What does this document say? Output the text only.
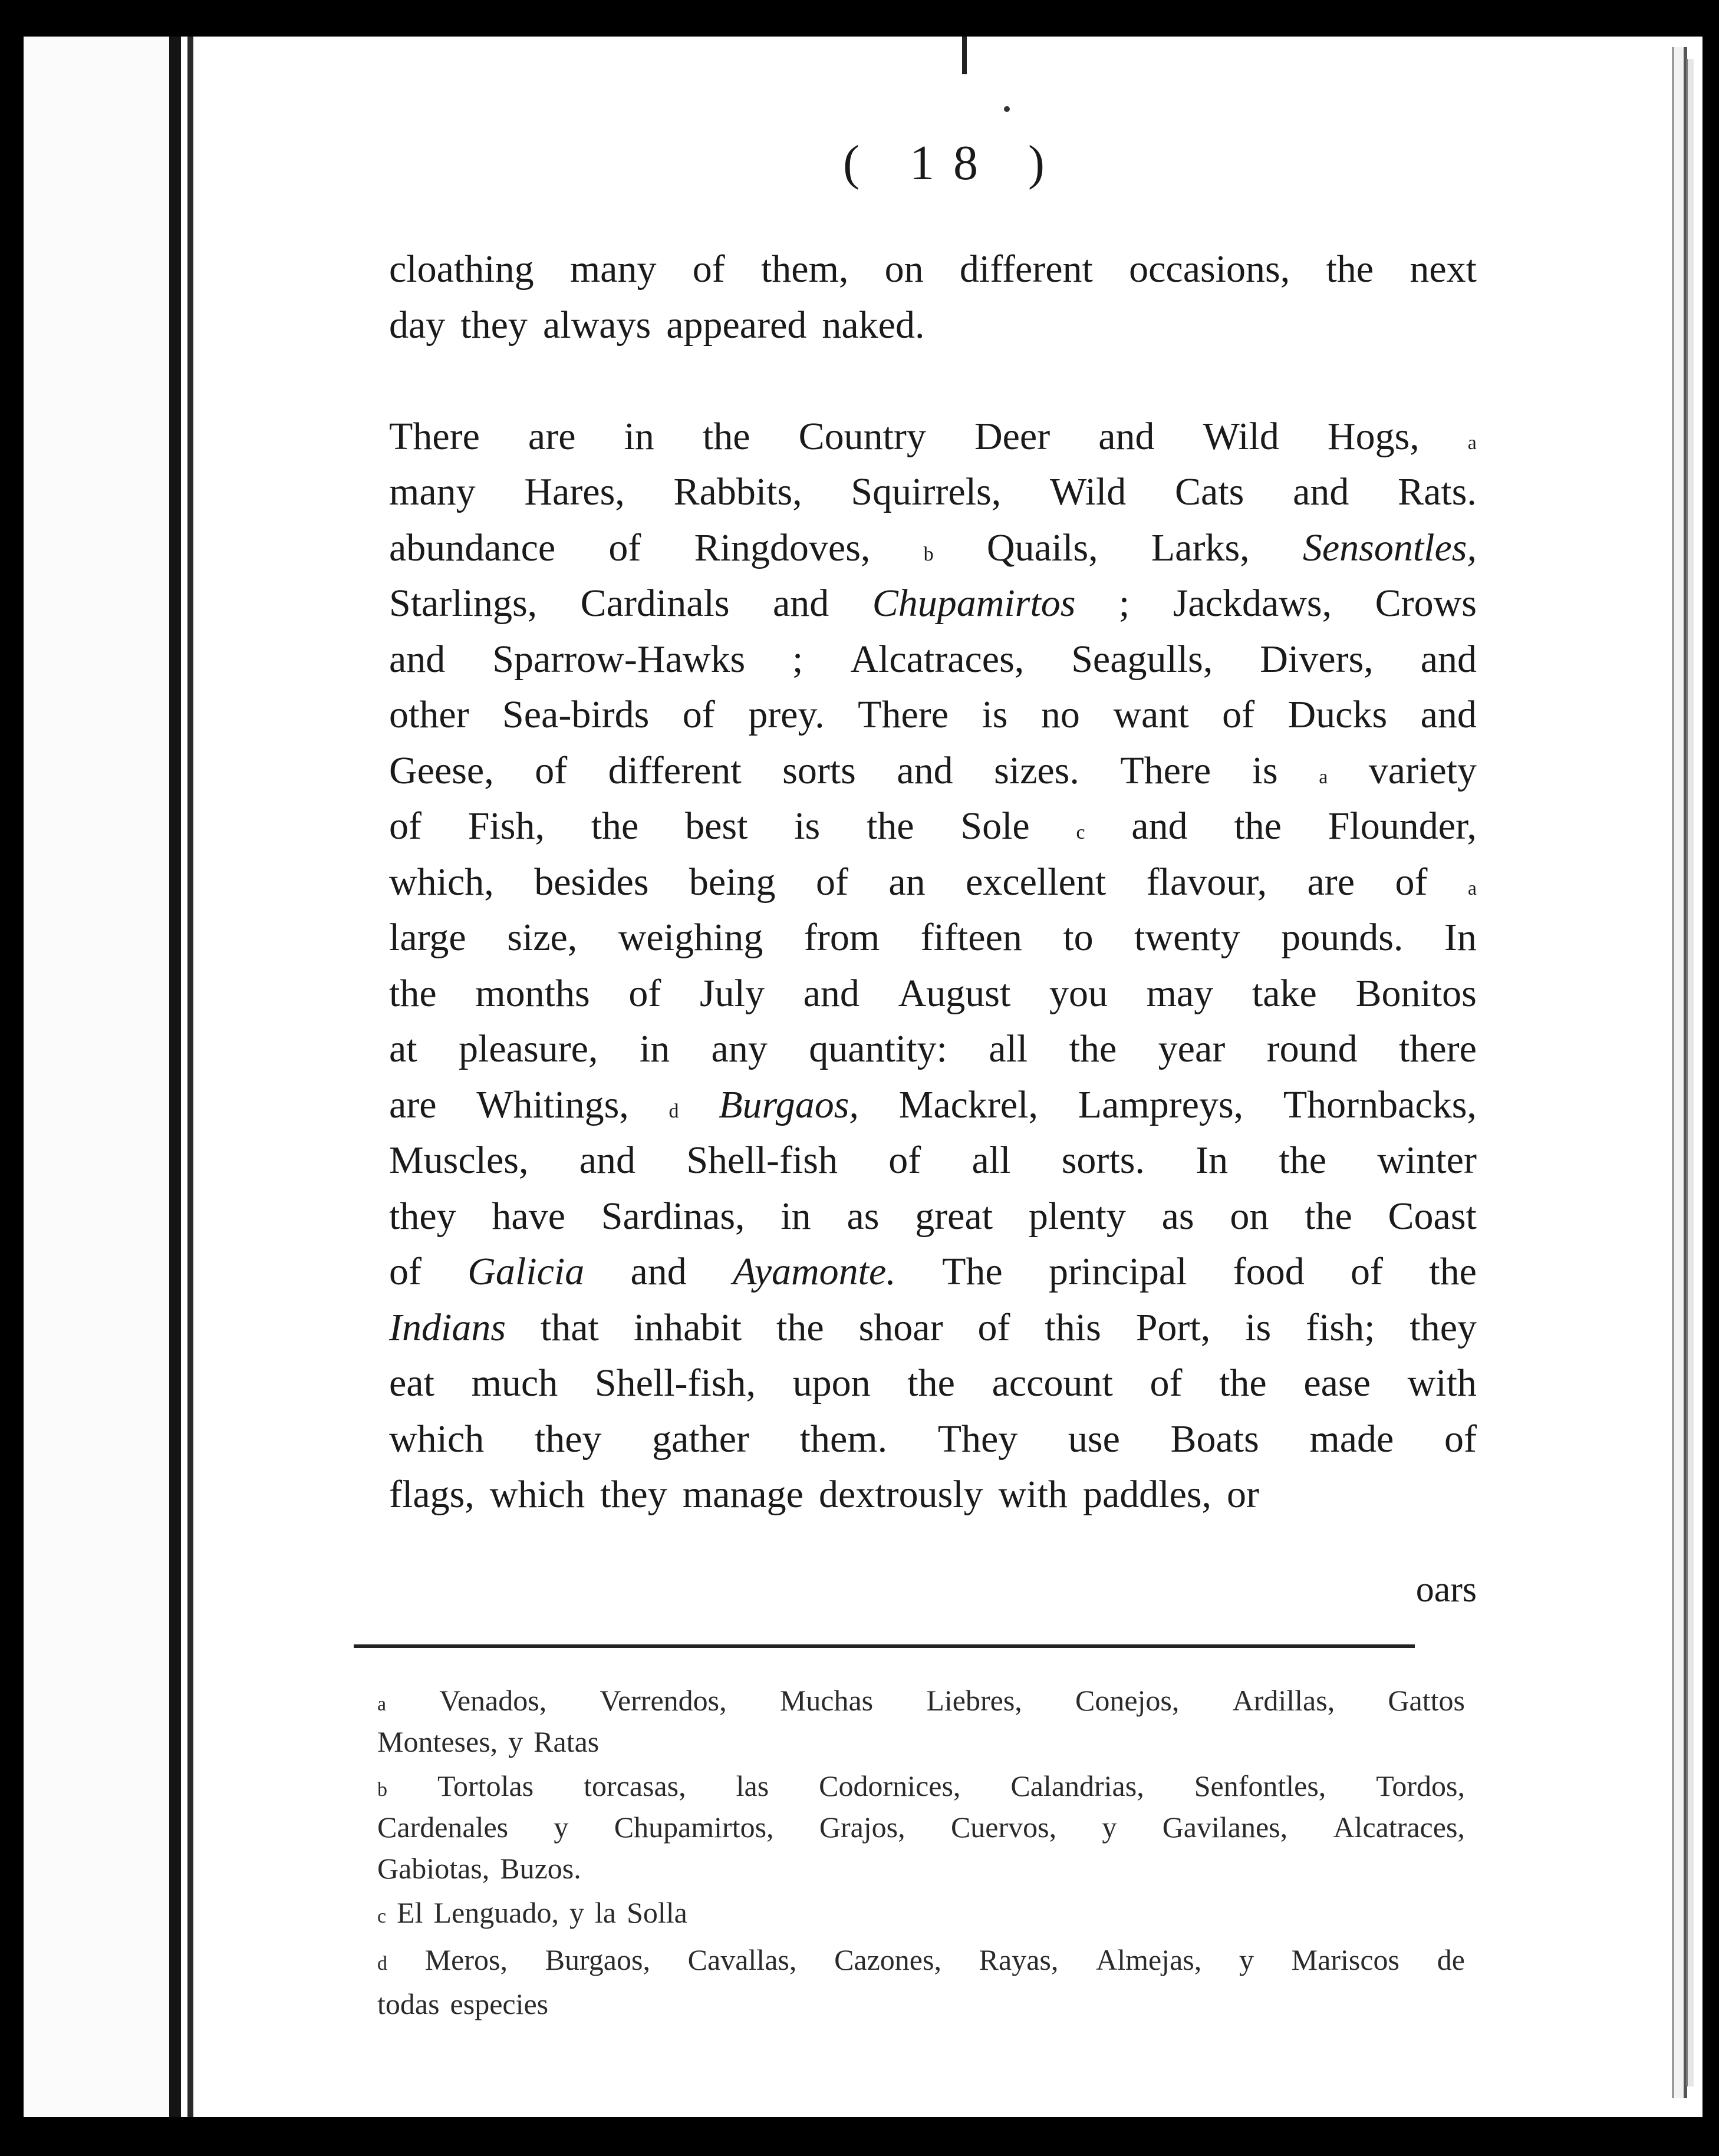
( 18 )
cloathing many of them, on different occasions, the next
day they always appeared naked.
There are in the Country Deer and Wild Hogs, a
many Hares, Rabbits, Squirrels, Wild Cats and Rats.
abundance of Ringdoves,	b Quails, Larks, Sensontles,
Starlings, Cardinals and Chupamirtos ; Jackdaws, Crows
and Sparrow-Hawks ; Alcatraces, Seagulls, Divers, and
other Sea-birds of prey. There is no want of Ducks and
Geese, of different sorts and sizes. There is a variety
of Fish, the best is the Sole c and the Flounder,
which, besides being of an excellent flavour, are of a
large size, weighing from fifteen to twenty pounds. In
the months of July and August you may take Bonitos
at pleasure, in any quantity: all the year round there
are Whitings, d Burgaos, Mackrel, Lampreys, Thornbacks,
Muscles, and Shell-fish of all sorts. In the winter
they have Sardinas, in as great plenty as on the Coast
of Galicia and Ayamonte. The principal food of the
Indians that inhabit the shoar of this Port, is fish; they
eat much Shell-fish, upon the account of the ease with
which they gather them. They use Boats made of
flags, which they manage dextrously with paddles, or
oars
a Venados, Verrendos, Muchas Liebres, Conejos, Ardillas, Gattos
Monteses, y Ratas
b Tortolas torcasas, las Codornices, Calandrias, Senfontles, Tordos,
Cardenales y Chupamirtos, Grajos, Cuervos, y Gavilanes, Alcatraces,
Gabiotas, Buzos.
c El Lenguado, y la Solla
d Meros, Burgaos, Cavallas, Cazones, Rayas, Almejas, y Mariscos de
todas especies
